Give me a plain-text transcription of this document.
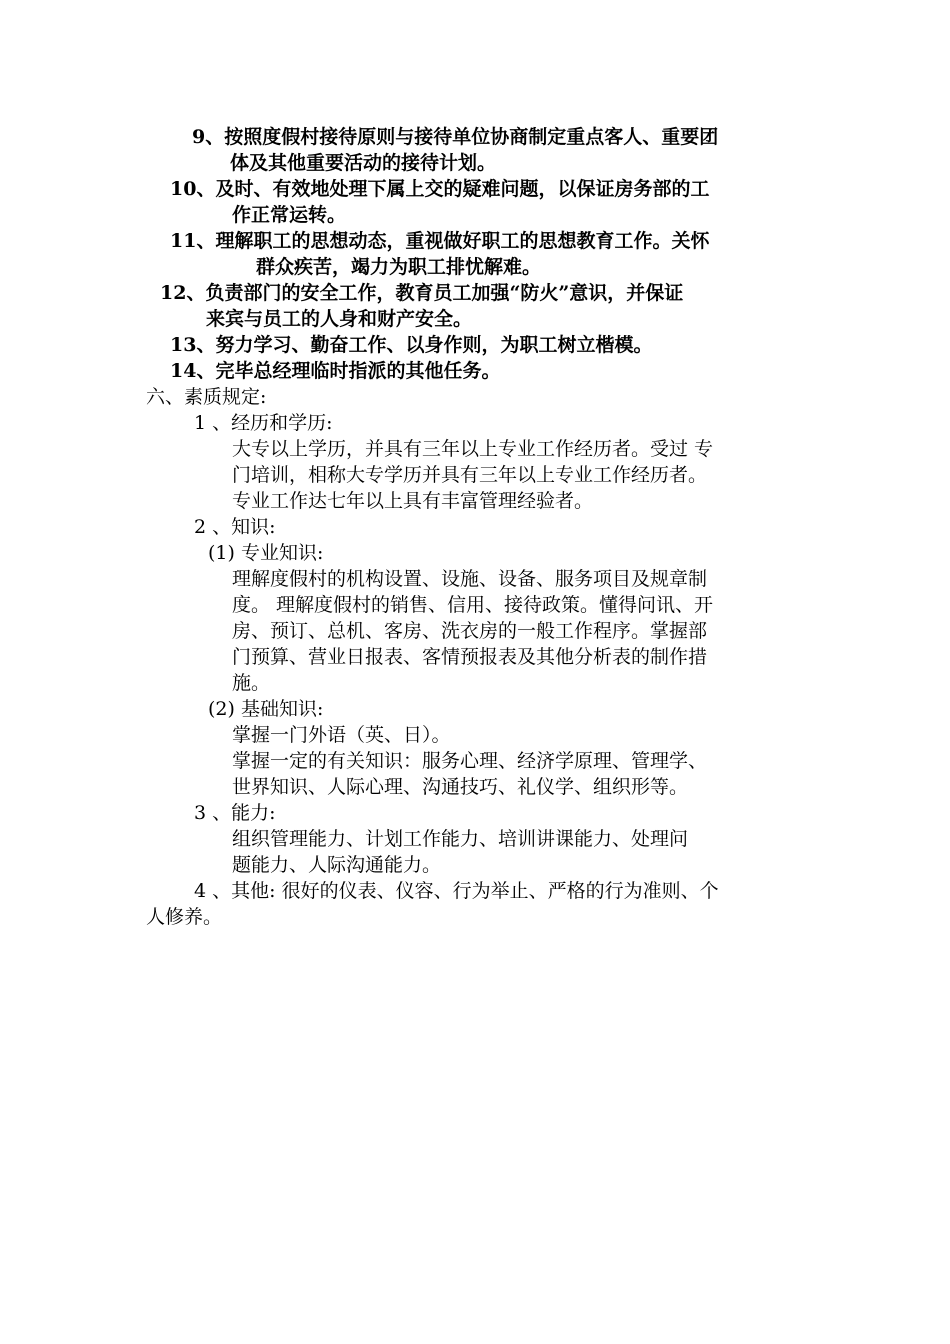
9、按照度假村接待原则与接待单位协商制定重点客人、重要团
体及其他重要活动的接待计划。
10、及时、有效地处理下属上交的疑难问题，以保证房务部的工
作正常运转。
11、理解职工的思想动态，重视做好职工的思想教育工作。关怀
群众疾苦，竭力为职工排忧解难。
12、负责部门的安全工作，教育员工加强“防火”意识，并保证
来宾与员工的人身和财产安全。
13、努力学习、勤奋工作、以身作则，为职工树立楷模。
14、完毕总经理临时指派的其他任务。
六、素质规定:
1 、经历和学历:
大专以上学历，并具有三年以上专业工作经历者。受过 专
门培训，相称大专学历并具有三年以上专业工作经历者。
专业工作达七年以上具有丰富管理经验者。
2 、知识:
(1) 专业知识:
理解度假村的机构设置、设施、设备、服务项目及规章制
度。 理解度假村的销售、信用、接待政策。懂得问讯、开
房、预订、总机、客房、洗衣房的一般工作程序。掌握部
门预算、营业日报表、客情预报表及其他分析表的制作措
施。
(2) 基础知识:
掌握一门外语（英、日）。
掌握一定的有关知识：服务心理、经济学原理、管理学、
世界知识、人际心理、沟通技巧、礼仪学、组织形等。
3 、能力:
组织管理能力、计划工作能力、培训讲课能力、处理问
题能力、人际沟通能力。
4 、其他: 很好的仪表、仪容、行为举止、严格的行为准则、个
人修养。
